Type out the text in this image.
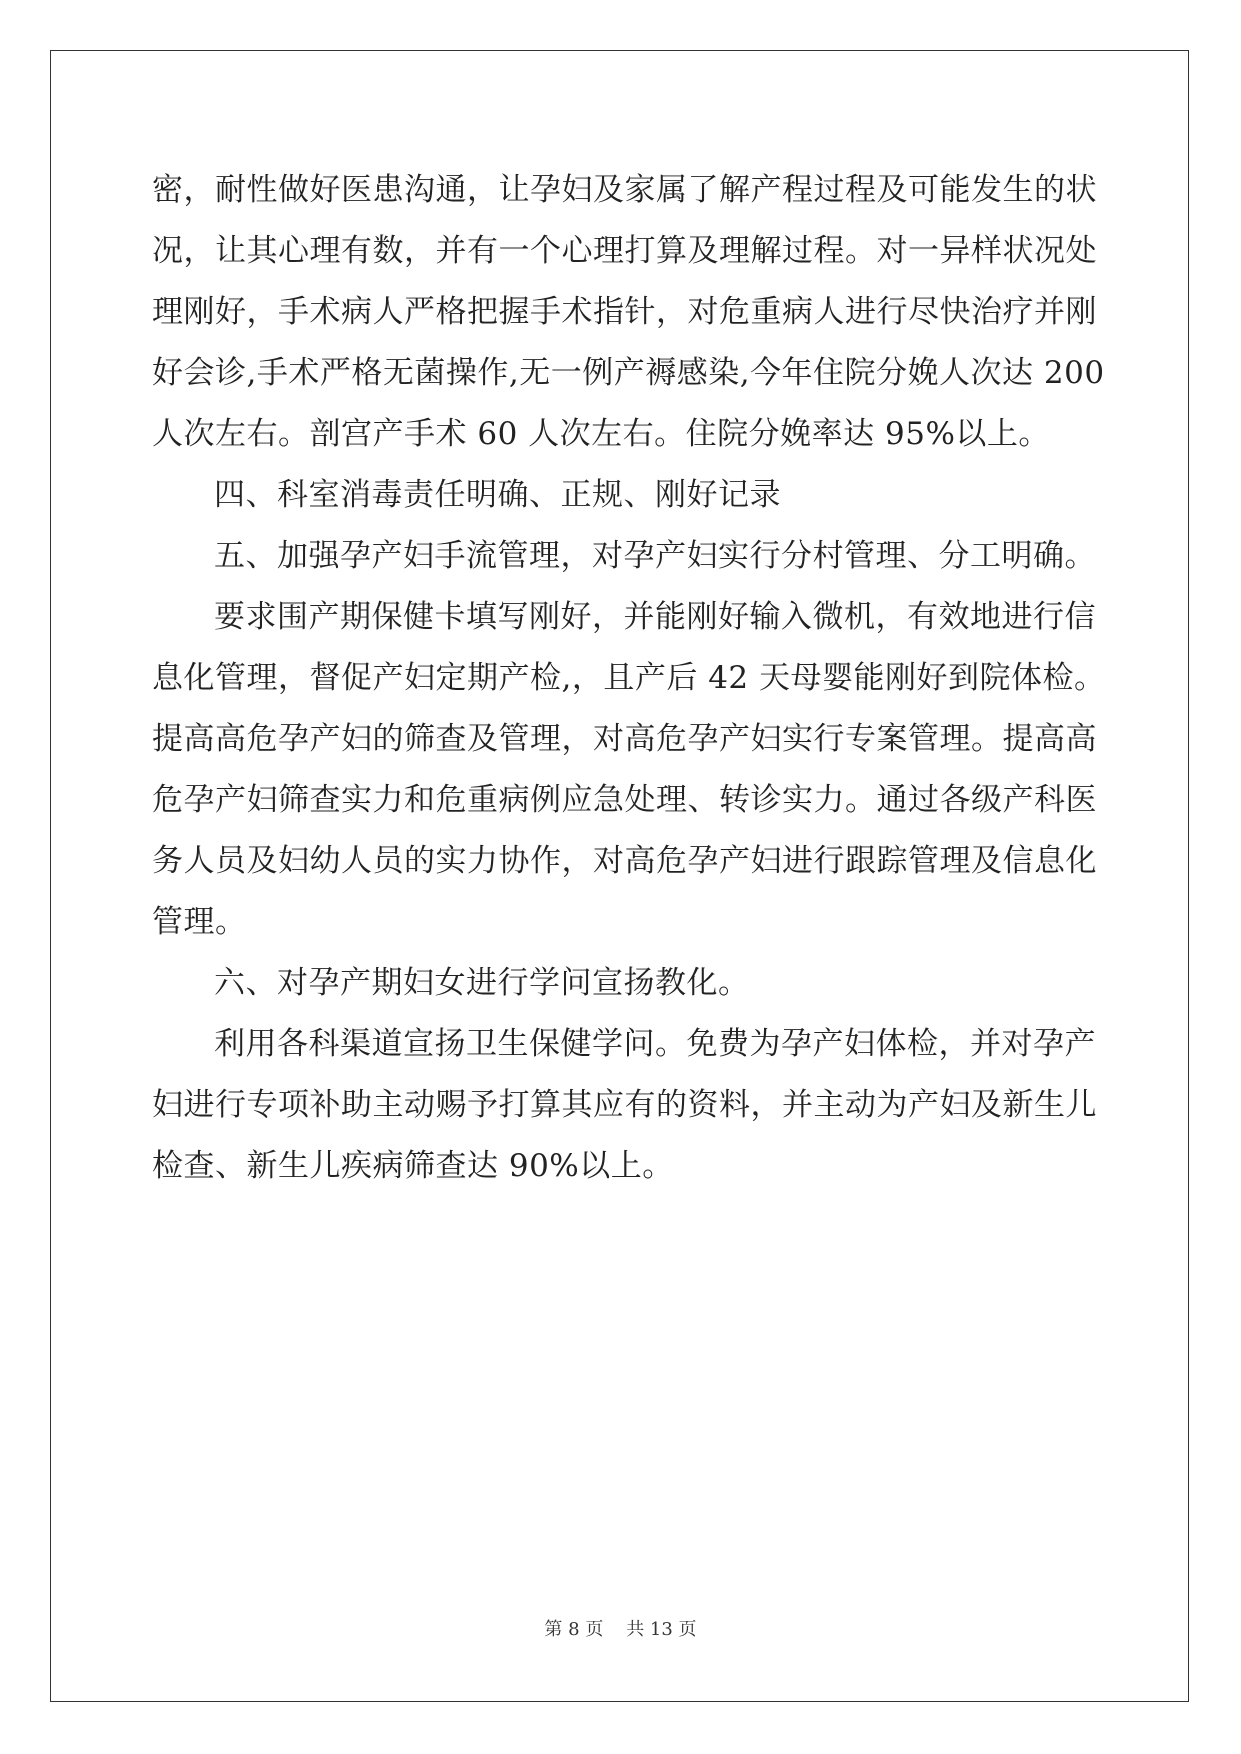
密，耐性做好医患沟通，让孕妇及家属了解产程过程及可能发生的状
况，让其心理有数，并有一个心理打算及理解过程。对一异样状况处
理刚好，手术病人严格把握手术指针，对危重病人进行尽快治疗并刚
好会诊,手术严格无菌操作,无一例产褥感染,今年住院分娩人次达 200
人次左右。剖宫产手术 60 人次左右。住院分娩率达 95%以上。
四、科室消毒责任明确、正规、刚好记录
五、加强孕产妇手流管理，对孕产妇实行分村管理、分工明确。
要求围产期保健卡填写刚好，并能刚好输入微机，有效地进行信
息化管理，督促产妇定期产检,，且产后 42 天母婴能刚好到院体检。
提高高危孕产妇的筛查及管理，对高危孕产妇实行专案管理。提高高
危孕产妇筛查实力和危重病例应急处理、转诊实力。通过各级产科医
务人员及妇幼人员的实力协作，对高危孕产妇进行跟踪管理及信息化
管理。
六、对孕产期妇女进行学问宣扬教化。
利用各科渠道宣扬卫生保健学问。免费为孕产妇体检，并对孕产
妇进行专项补助主动赐予打算其应有的资料，并主动为产妇及新生儿
检查、新生儿疾病筛查达 90%以上。
第 8 页    共 13 页
